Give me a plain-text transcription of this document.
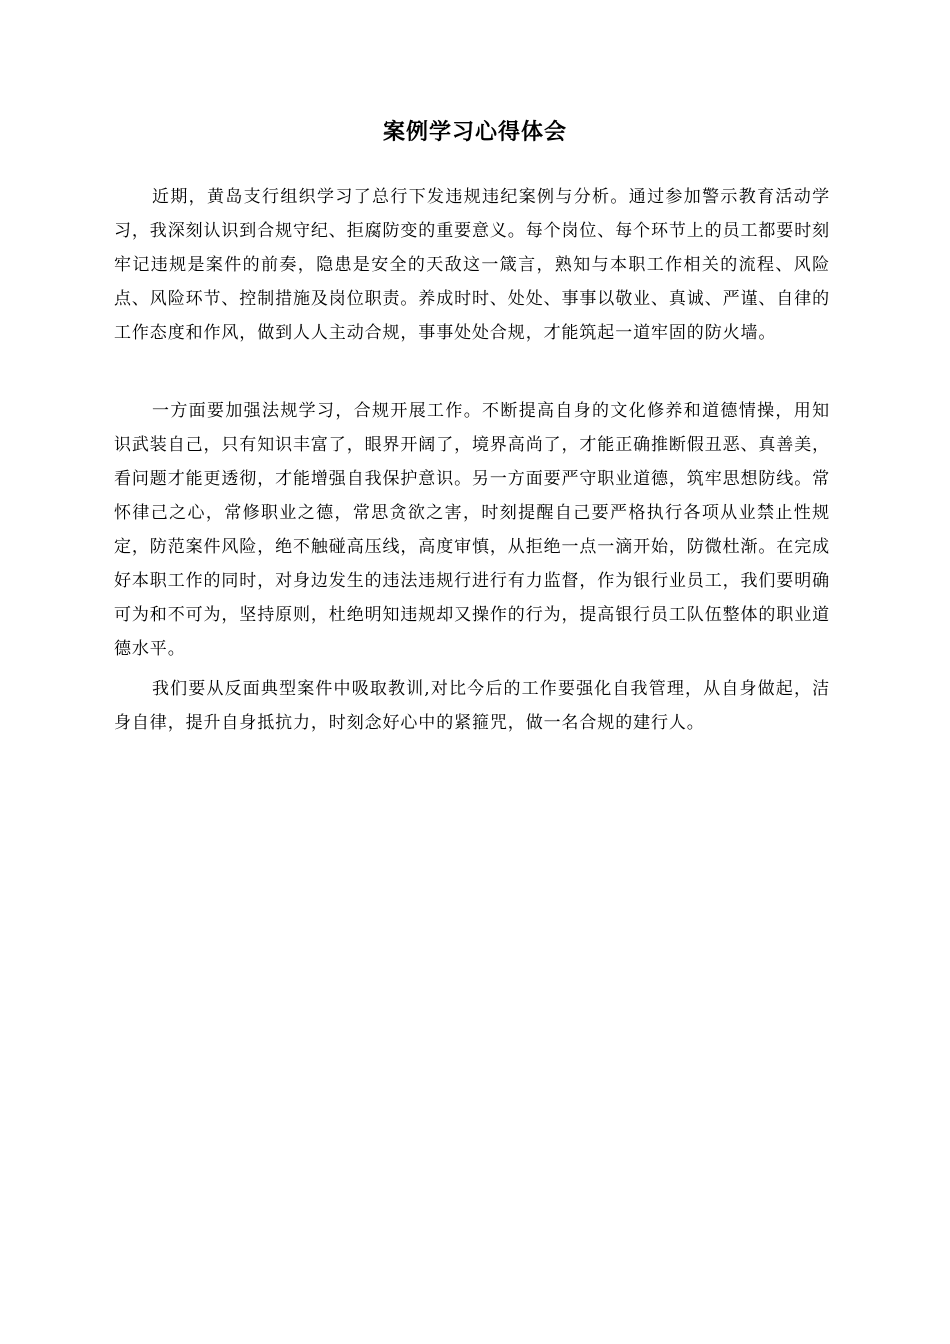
案例学习心得体会

近期，黄岛支行组织学习了总行下发违规违纪案例与分析。通过参加警示教育活动学习，我深刻认识到合规守纪、拒腐防变的重要意义。每个岗位、每个环节上的员工都要时刻牢记违规是案件的前奏，隐患是安全的天敌这一箴言，熟知与本职工作相关的流程、风险点、风险环节、控制措施及岗位职责。养成时时、处处、事事以敬业、真诚、严谨、自律的工作态度和作风，做到人人主动合规，事事处处合规，才能筑起一道牢固的防火墙。

一方面要加强法规学习，合规开展工作。不断提高自身的文化修养和道德情操，用知识武装自己，只有知识丰富了，眼界开阔了，境界高尚了，才能正确推断假丑恶、真善美，看问题才能更透彻，才能增强自我保护意识。另一方面要严守职业道德，筑牢思想防线。常怀律己之心，常修职业之德，常思贪欲之害，时刻提醒自己要严格执行各项从业禁止性规定，防范案件风险，绝不触碰高压线，高度审慎，从拒绝一点一滴开始，防微杜渐。在完成好本职工作的同时，对身边发生的违法违规行进行有力监督，作为银行业员工，我们要明确可为和不可为，坚持原则，杜绝明知违规却又操作的行为，提高银行员工队伍整体的职业道德水平。

我们要从反面典型案件中吸取教训,对比今后的工作要强化自我管理，从自身做起，洁身自律，提升自身抵抗力，时刻念好心中的紧箍咒，做一名合规的建行人。
